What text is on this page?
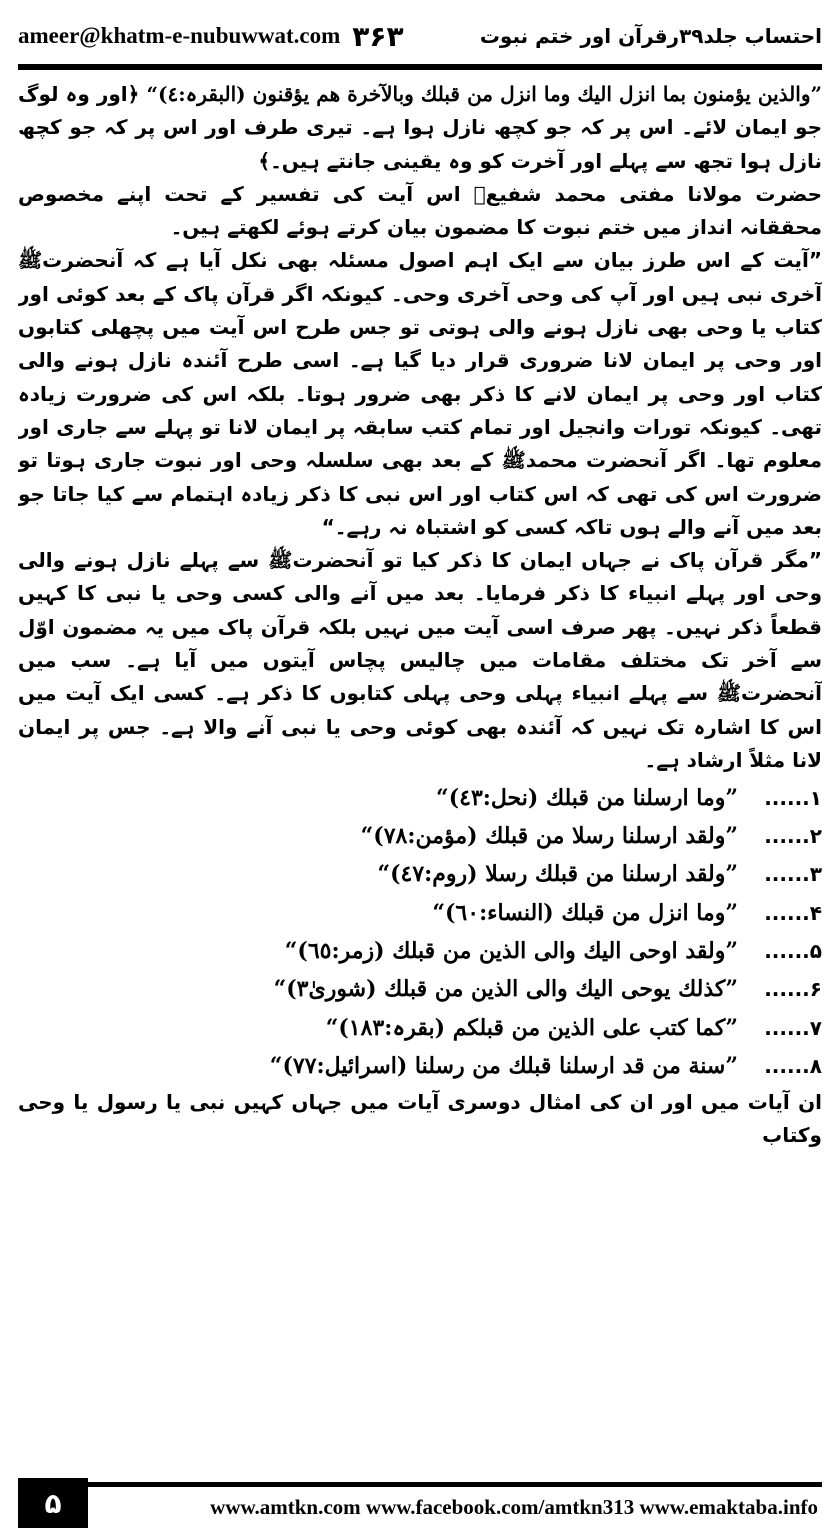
ameer@khatm-e-nubuwwat.com ۳۶۳	احتساب جلد۳۹رقرآن اور ختم نبوت

”والذین یؤمنون بما انزل الیك وما انزل من قبلك وبالآخرة هم یؤقنون (البقرہ:٤)“ ﴿اور وہ لوگ جو ایمان لائے۔ اس پر کہ جو کچھ نازل ہوا ہے۔ تیری طرف اور اس پر کہ جو کچھ نازل ہوا تجھ سے پہلے اور آخرت کو وہ یقینی جانتے ہیں۔﴾

حضرت مولانا مفتی محمد شفیعؒ اس آیت کی تفسیر کے تحت اپنے مخصوص محققانہ انداز میں ختم نبوت کا مضمون بیان کرتے ہوئے لکھتے ہیں۔

”آیت کے اس طرز بیان سے ایک اہم اصول مسئلہ بھی نکل آیا ہے کہ آنحضرتﷺ آخری نبی ہیں اور آپ کی وحی آخری وحی۔ کیونکہ اگر قرآن پاک کے بعد کوئی اور کتاب یا وحی بھی نازل ہونے والی ہوتی تو جس طرح اس آیت میں پچھلی کتابوں اور وحی پر ایمان لانا ضروری قرار دیا گیا ہے۔ اسی طرح آئندہ نازل ہونے والی کتاب اور وحی پر ایمان لانے کا ذکر بھی ضرور ہوتا۔ بلکہ اس کی ضرورت زیادہ تھی۔ کیونکہ تورات وانجیل اور تمام کتب سابقہ پر ایمان لانا تو پہلے سے جاری اور معلوم تھا۔ اگر آنحضرت محمدﷺ کے بعد بھی سلسلہ وحی اور نبوت جاری ہوتا تو ضرورت اس کی تھی کہ اس کتاب اور اس نبی کا ذکر زیادہ اہتمام سے کیا جاتا جو بعد میں آنے والے ہوں تاکہ کسی کو اشتباہ نہ رہے۔“

”مگر قرآن پاک نے جہاں ایمان کا ذکر کیا تو آنحضرتﷺ سے پہلے نازل ہونے والی وحی اور پہلے انبیاء کا ذکر فرمایا۔ بعد میں آنے والی کسی وحی یا نبی کا کہیں قطعاً ذکر نہیں۔ پھر صرف اسی آیت میں نہیں بلکہ قرآن پاک میں یہ مضمون اوّل سے آخر تک مختلف مقامات میں چالیس پچاس آیتوں میں آیا ہے۔ سب میں آنحضرتﷺ سے پہلے انبیاء پہلی وحی پہلی کتابوں کا ذکر ہے۔ کسی ایک آیت میں اس کا اشارہ تک نہیں کہ آئندہ بھی کوئی وحی یا نبی آنے والا ہے۔ جس پر ایمان لانا مثلاً ارشاد ہے۔

۱......
”وما ارسلنا من قبلك (نحل:٤٣)“
۲......
”ولقد ارسلنا رسلا من قبلك (مؤمن:٧٨)“
۳......
”ولقد ارسلنا من قبلك رسلا (روم:٤٧)“
۴......
”وما انزل من قبلك (النساء:٦٠)“
۵......
”ولقد اوحی الیك والی الذین من قبلك (زمر:٦٥)“
۶......
”کذلك یوحی الیك والی الذین من قبلك (شوریٰ۳)“
۷......
”کما کتب علی الذین من قبلکم (بقرہ:١٨٣)“
۸......
”سنة من قد ارسلنا قبلك من رسلنا (اسرائیل:٧٧)“

ان آیات میں اور ان کی امثال دوسری آیات میں جہاں کہیں نبی یا رسول یا وحی وکتاب

۵	www.amtkn.com www.facebook.com/amtkn313 www.emaktaba.info
